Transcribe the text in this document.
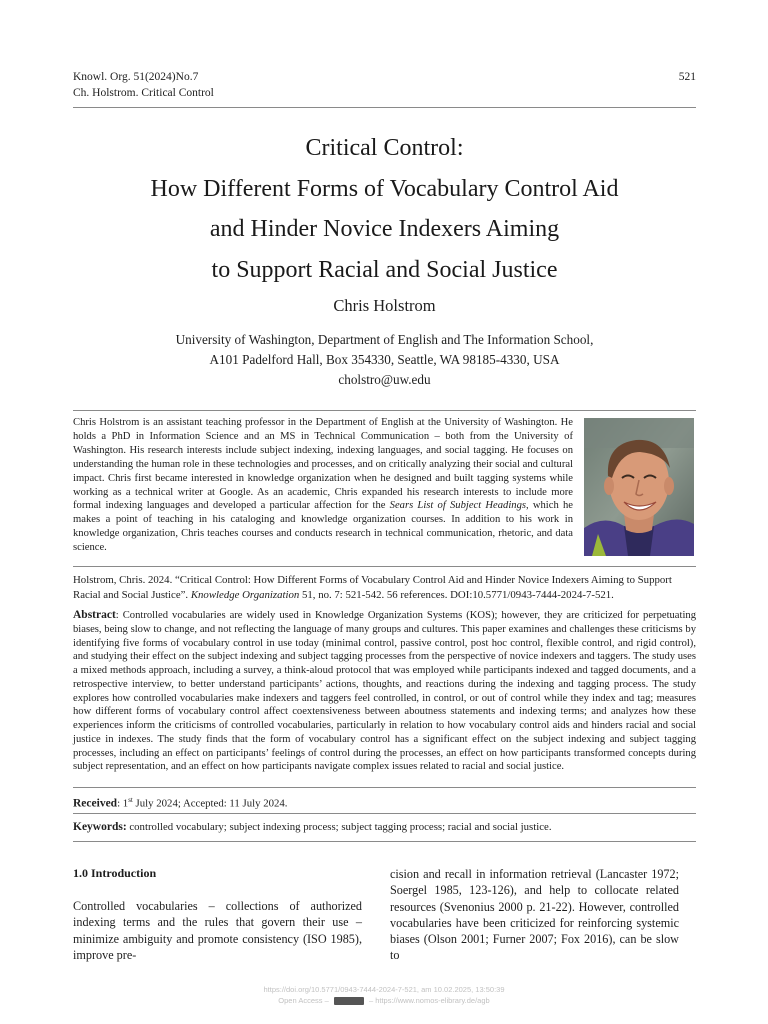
Knowl. Org. 51(2024)No.7
Ch. Holstrom. Critical Control
521
Critical Control:
How Different Forms of Vocabulary Control Aid
and Hinder Novice Indexers Aiming
to Support Racial and Social Justice
Chris Holstrom
University of Washington, Department of English and The Information School,
A101 Padelford Hall, Box 354330, Seattle, WA 98185-4330, USA
cholstro@uw.edu
Chris Holstrom is an assistant teaching professor in the Department of English at the University of Washington. He holds a PhD in Information Science and an MS in Technical Communication – both from the University of Washington. His research interests include subject indexing, indexing languages, and social tagging. He focuses on understanding the human role in these technologies and processes, and on critically analyzing their social and cultural impact. Chris first became interested in knowledge organization when he designed and built tagging systems while working as a technical writer at Google. As an academic, Chris expanded his research interests to include more formal indexing languages and developed a particular affection for the Sears List of Subject Headings, which he makes a point of teaching in his cataloging and knowledge organization courses. In addition to his work in knowledge organization, Chris teaches courses and conducts research in technical communication, rhetoric, and data science.
Holstrom, Chris. 2024. “Critical Control: How Different Forms of Vocabulary Control Aid and Hinder Novice Indexers Aiming to Support Racial and Social Justice”. Knowledge Organization 51, no. 7: 521-542. 56 references. DOI:10.5771/0943-7444-2024-7-521.
Abstract: Controlled vocabularies are widely used in Knowledge Organization Systems (KOS); however, they are criticized for perpetuating biases, being slow to change, and not reflecting the language of many groups and cultures. This paper examines and challenges these criticisms by identifying five forms of vocabulary control in use today (minimal control, passive control, post hoc control, flexible control, and rigid control), and studying their effect on the subject indexing and subject tagging processes from the perspective of novice indexers and taggers. The study uses a mixed methods approach, including a survey, a think-aloud protocol that was employed while participants indexed and tagged documents, and a retrospective interview, to better understand participants’ actions, thoughts, and reactions during the indexing and tagging process. The study explores how controlled vocabularies make indexers and taggers feel controlled, in control, or out of control while they index and tag; measures how different forms of vocabulary control affect coextensiveness between aboutness statements and indexing terms; and analyzes how these experiences inform the criticisms of controlled vocabularies, particularly in relation to how vocabulary control aids and hinders racial and social justice in indexes. The study finds that the form of vocabulary control has a significant effect on the subject indexing and subject tagging processes, including an effect on participants’ feelings of control during the processes, an effect on how participants transformed concepts during subject representation, and an effect on how participants navigate complex issues related to racial and social justice.
Received: 1st July 2024; Accepted: 11 July 2024.
Keywords: controlled vocabulary; subject indexing process; subject tagging process; racial and social justice.
1.0 Introduction
Controlled vocabularies – collections of authorized indexing terms and the rules that govern their use – minimize ambiguity and promote consistency (ISO 1985), improve pre-
cision and recall in information retrieval (Lancaster 1972; Soergel 1985, 123-126), and help to collocate related resources (Svenonius 2000 p. 21-22). However, controlled vocabularies have been criticized for reinforcing systemic biases (Olson 2001; Furner 2007; Fox 2016), can be slow to
https://doi.org/10.5771/0943-7444-2024-7-521, am 10.02.2025, 13:50:39
Open Access –	– https://www.nomos-elibrary.de/agb
